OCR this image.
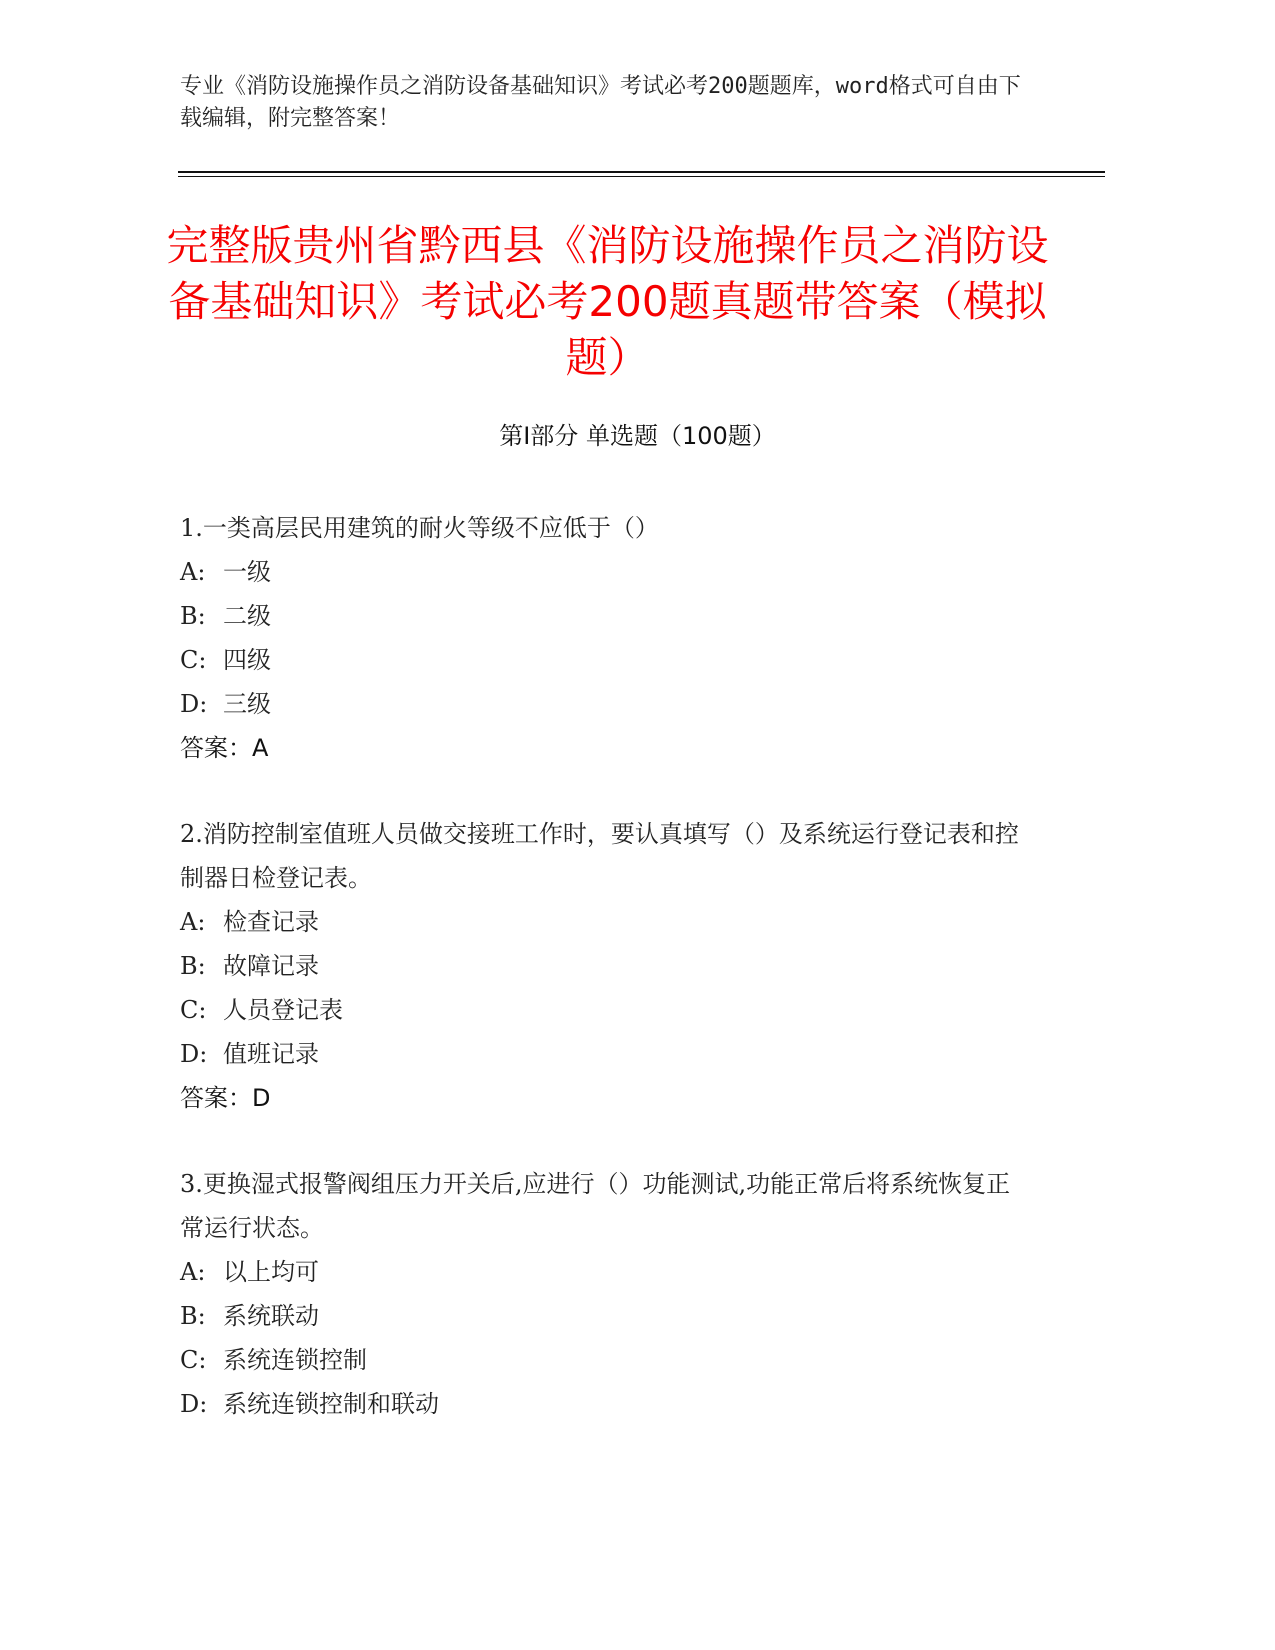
专业《消防设施操作员之消防设备基础知识》考试必考200题题库，word格式可自由下载编辑，附完整答案！
完整版贵州省黔西县《消防设施操作员之消防设备基础知识》考试必考200题真题带答案（模拟题）
第Ⅰ部分 单选题（100题）
1.一类高层民用建筑的耐火等级不应低于（）
A: 一级
B: 二级
C: 四级
D: 三级
答案：A
2.消防控制室值班人员做交接班工作时，要认真填写（）及系统运行登记表和控制器日检登记表。
A: 检查记录
B: 故障记录
C: 人员登记表
D: 值班记录
答案：D
3.更换湿式报警阀组压力开关后,应进行（）功能测试,功能正常后将系统恢复正常运行状态。
A: 以上均可
B: 系统联动
C: 系统连锁控制
D: 系统连锁控制和联动
